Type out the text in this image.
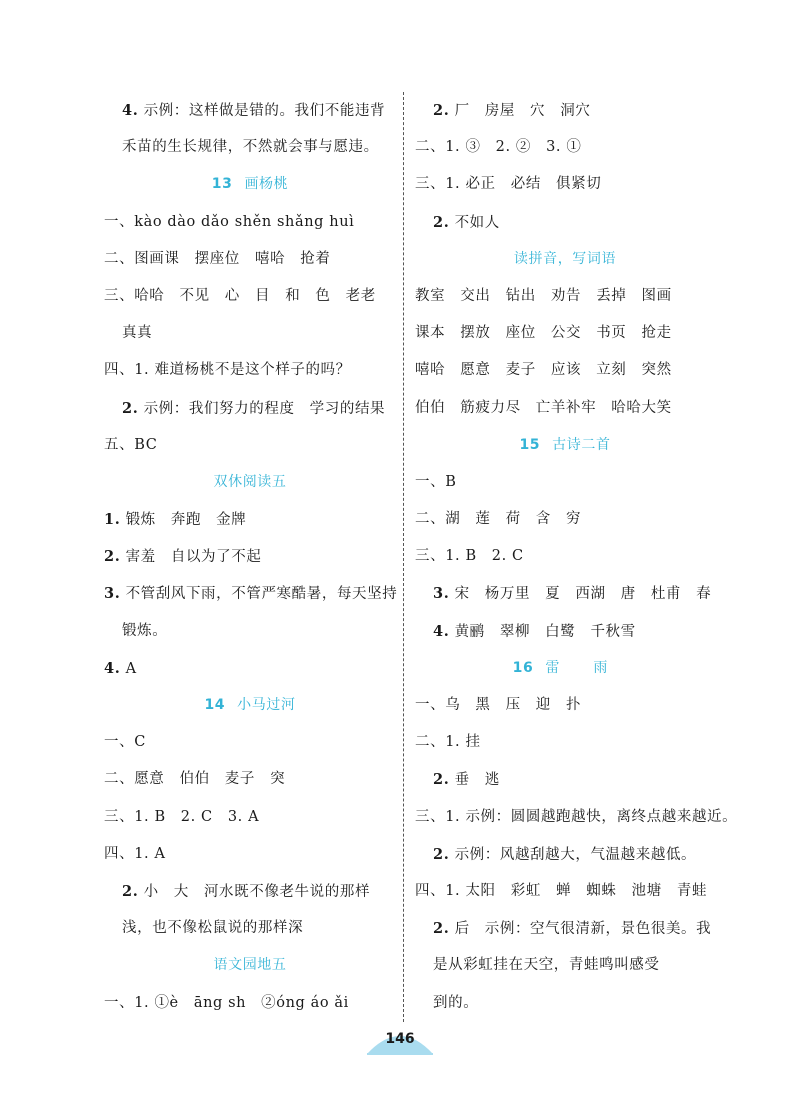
4. 示例：这样做是错的。我们不能违背
禾苗的生长规律，不然就会事与愿违。
13 画杨桃
一、kào dào dǎo shěn shǎng huì
二、图画课　摆座位　嘻哈　抢着
三、哈哈　不见　心　目　和　色　老老
真真
四、1. 难道杨桃不是这个样子的吗？
2. 示例：我们努力的程度　学习的结果
五、BC
双休阅读五
1. 锻炼　奔跑　金牌
2. 害羞　自以为了不起
3. 不管刮风下雨，不管严寒酷暑，每天坚持
锻炼。
4. A
14 小马过河
一、C
二、愿意　伯伯　麦子　突
三、1. B　2. C　3. A
四、1. A
2. 小　大　河水既不像老牛说的那样
浅，也不像松鼠说的那样深
语文园地五
一、1. ①è　āng sh　②óng áo ǎi
2. 厂　房屋　穴　洞穴
二、1. ③　2. ②　3. ①
三、1. 必正　必结　俱紧切
2. 不如人
读拼音，写词语
教室　交出　钻出　劝告　丢掉　图画
课本　摆放　座位　公交　书页　抢走
嘻哈　愿意　麦子　应该　立刻　突然
伯伯　筋疲力尽　亡羊补牢　哈哈大笑
15 古诗二首
一、B
二、湖　莲　荷　含　穷
三、1. B　2. C
3. 宋　杨万里　夏　西湖　唐　杜甫　春
4. 黄鹂　翠柳　白鹭　千秋雪
16 雷　雨
一、乌　黑　压　迎　扑
二、1. 挂
2. 垂　逃
三、1. 示例：圆圆越跑越快，离终点越来越近。
2. 示例：风越刮越大，气温越来越低。
四、1. 太阳　彩虹　蝉　蜘蛛　池塘　青蛙
2. 后　示例：空气很清新，景色很美。我
是从彩虹挂在天空，青蛙鸣叫感受
到的。
146
